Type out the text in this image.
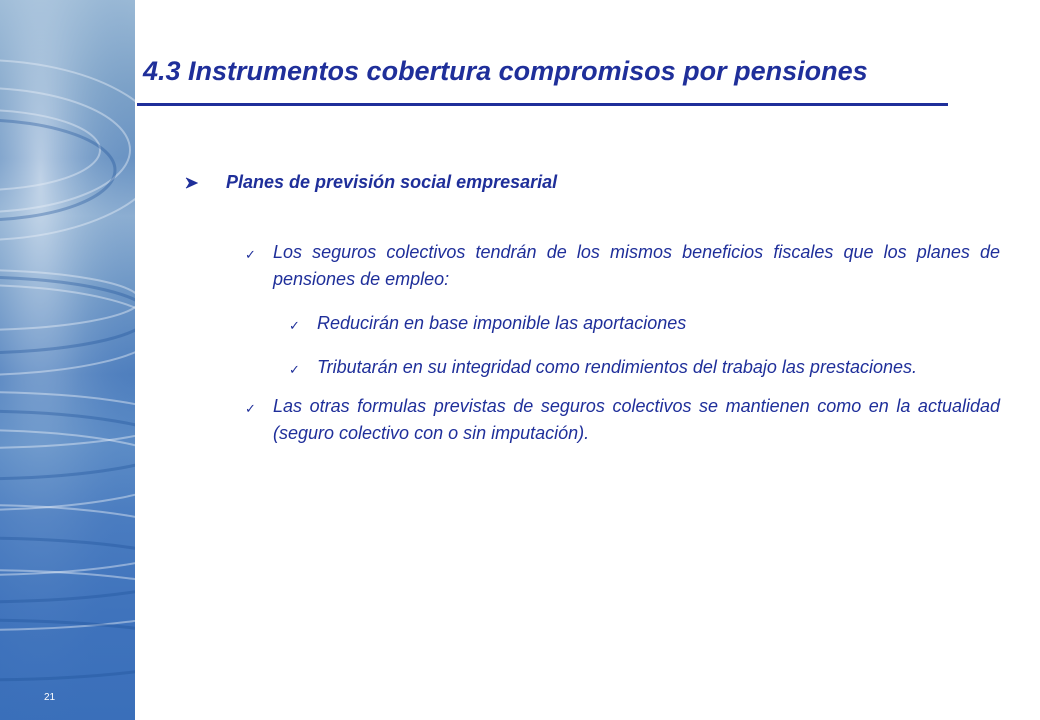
21
4.3 Instrumentos cobertura compromisos por pensiones
Planes de previsión social empresarial
✓ Los seguros colectivos tendrán de los mismos beneficios fiscales que los planes de pensiones de empleo:
✓ Reducirán en base imponible las aportaciones
✓ Tributarán en su integridad como rendimientos del trabajo las prestaciones.
✓ Las otras formulas previstas de seguros colectivos se mantienen como en la actualidad (seguro colectivo con o sin imputación).
